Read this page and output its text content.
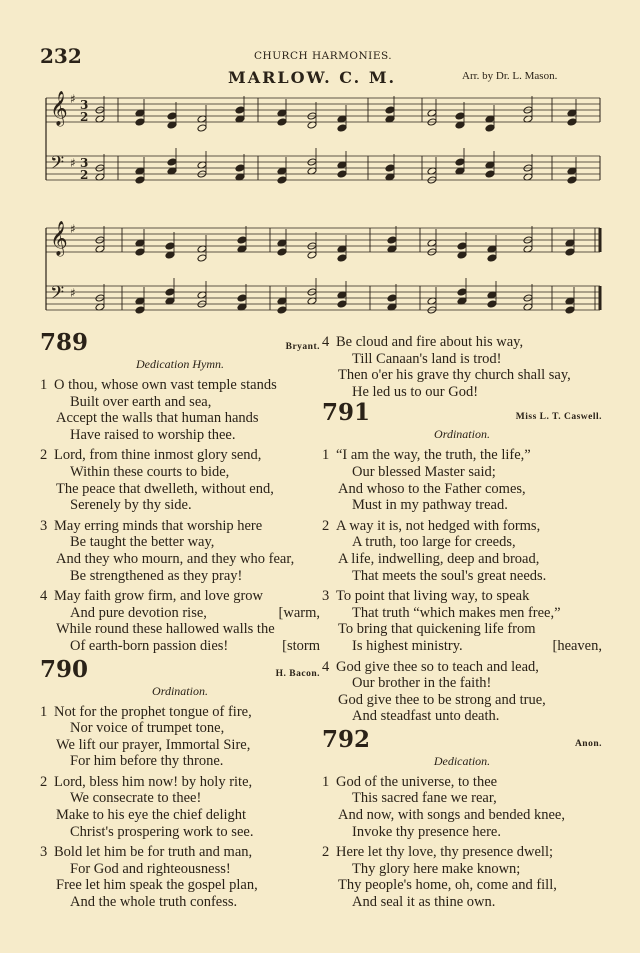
232	CHURCH HARMONIES.
MARLOW. C. M.	Arr. by Dr. L. Mason.
𝄞 ♯ 3
2
𝄢 ♯ 3
2
𝄞 ♯
𝄢 ♯
789	Bryant.
Dedication Hymn.
1 O thou, whose own vast temple stands
Built over earth and sea,
Accept the walls that human hands
Have raised to worship thee.
2 Lord, from thine inmost glory send,
Within these courts to bide,
The peace that dwelleth, without end,
Serenely by thy side.
3 May erring minds that worship here
Be taught the better way,
And they who mourn, and they who fear,
Be strengthened as they pray!
4 May faith grow firm, and love grow
And pure devotion rise,	[warm,
While round these hallowed walls the
Of earth-born passion dies!	[storm
790	H. Bacon.
Ordination.
1 Not for the prophet tongue of fire,
Nor voice of trumpet tone,
We lift our prayer, Immortal Sire,
For him before thy throne.
2 Lord, bless him now! by holy rite,
We consecrate to thee!
Make to his eye the chief delight
Christ's prospering work to see.
3 Bold let him be for truth and man,
For God and righteousness!
Free let him speak the gospel plan,
And the whole truth confess.
4 Be cloud and fire about his way,
Till Canaan's land is trod!
Then o'er his grave thy church shall say,
He led us to our God!
791	Miss L. T. Caswell.
Ordination.
1 “I am the way, the truth, the life,”
Our blessed Master said;
And whoso to the Father comes,
Must in my pathway tread.
2 A way it is, not hedged with forms,
A truth, too large for creeds,
A life, indwelling, deep and broad,
That meets the soul's great needs.
3 To point that living way, to speak
That truth “which makes men free,”
To bring that quickening life from
Is highest ministry.	[heaven,
4 God give thee so to teach and lead,
Our brother in the faith!
God give thee to be strong and true,
And steadfast unto death.
792	Anon.
Dedication.
1 God of the universe, to thee
This sacred fane we rear,
And now, with songs and bended knee,
Invoke thy presence here.
2 Here let thy love, thy presence dwell;
Thy glory here make known;
Thy people's home, oh, come and fill,
And seal it as thine own.
